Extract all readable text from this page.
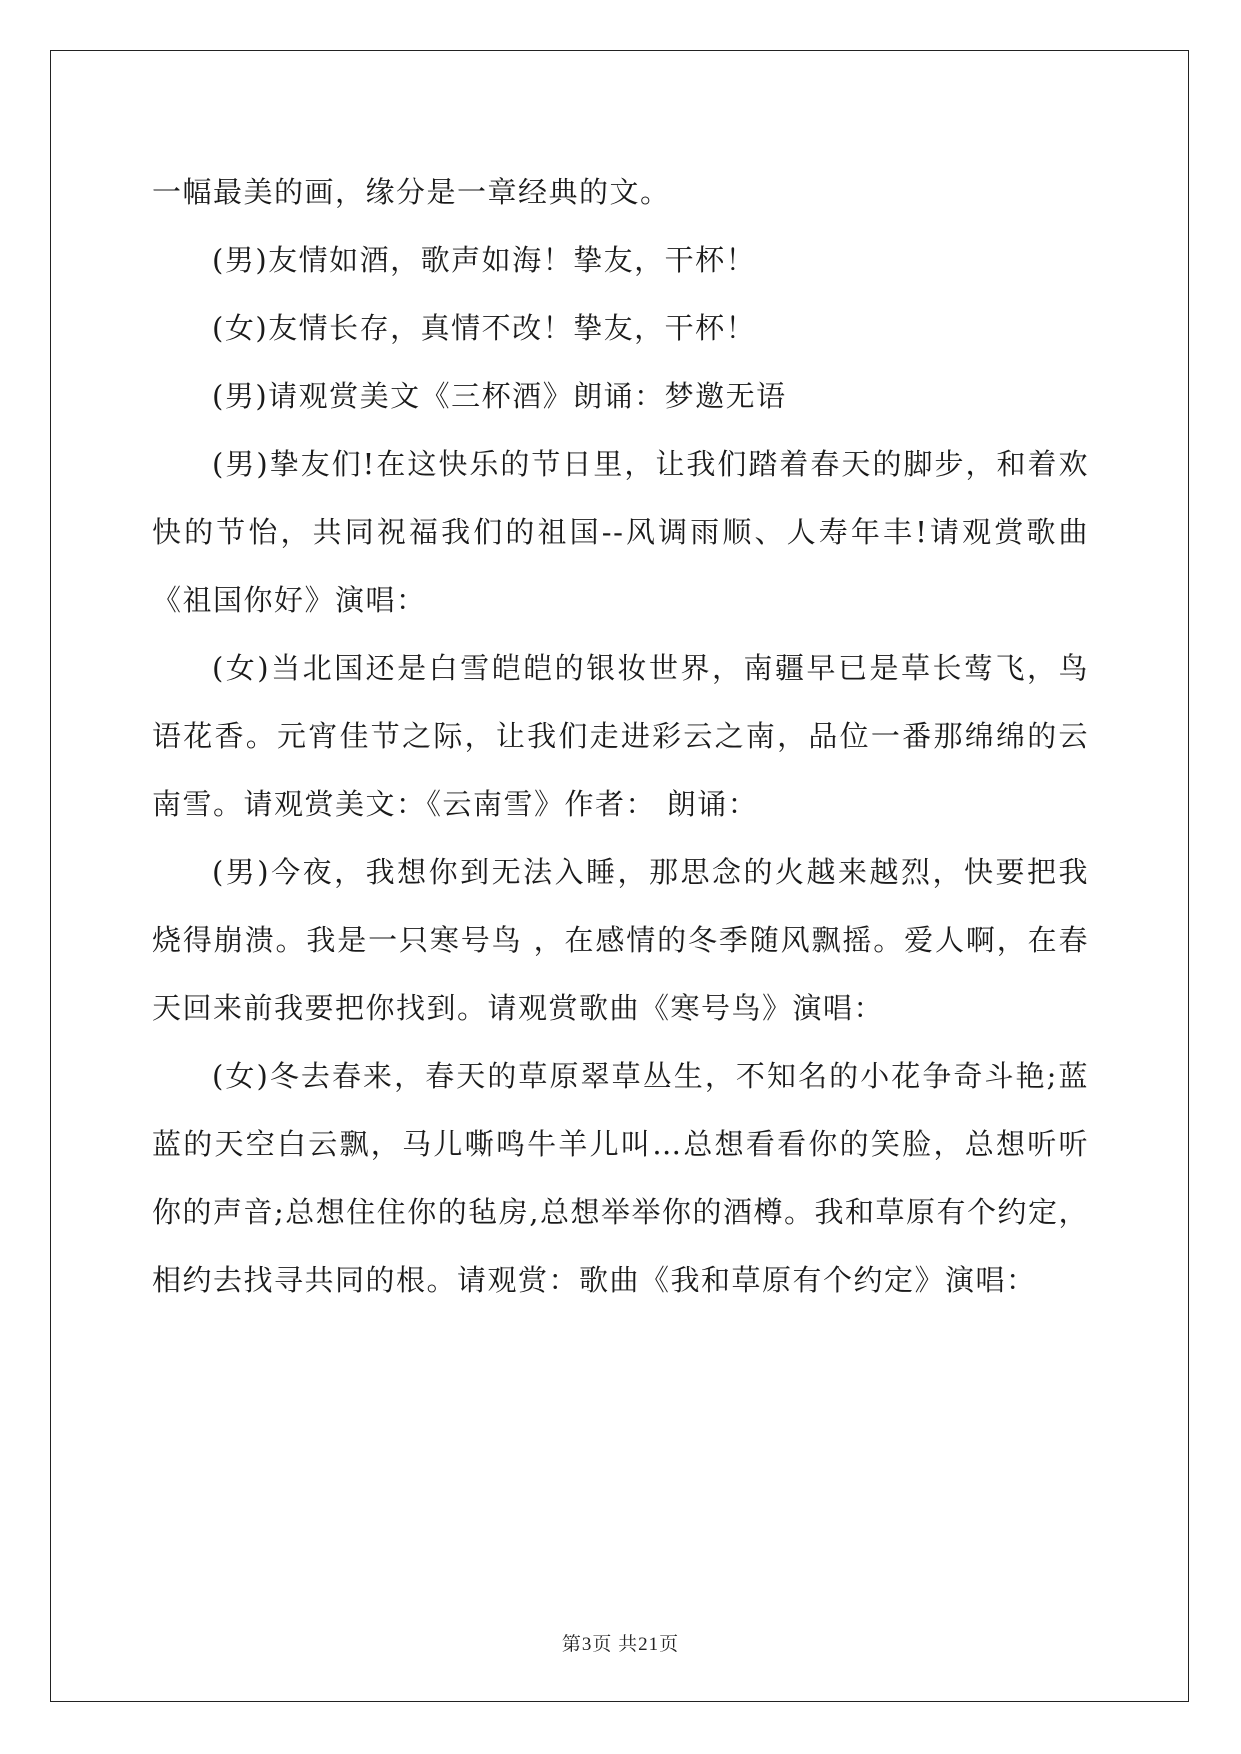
一幅最美的画，缘分是一章经典的文。

(男)友情如酒，歌声如海！挚友，干杯！

(女)友情长存，真情不改！挚友，干杯！

(男)请观赏美文《三杯酒》朗诵：梦邀无语

(男)挚友们!在这快乐的节日里，让我们踏着春天的脚步，和着欢快的节怡，共同祝福我们的祖国--风调雨顺、人寿年丰!请观赏歌曲《祖国你好》演唱：

(女)当北国还是白雪皑皑的银妆世界，南疆早已是草长莺飞，鸟语花香。元宵佳节之际，让我们走进彩云之南，品位一番那绵绵的云南雪。请观赏美文：《云南雪》作者： 朗诵：

(男)今夜，我想你到无法入睡，那思念的火越来越烈，快要把我烧得崩溃。我是一只寒号鸟 ，在感情的冬季随风飘摇。爱人啊，在春天回来前我要把你找到。请观赏歌曲《寒号鸟》演唱：

(女)冬去春来，春天的草原翠草丛生，不知名的小花争奇斗艳;蓝蓝的天空白云飘，马儿嘶鸣牛羊儿叫…总想看看你的笑脸，总想听听你的声音;总想住住你的毡房,总想举举你的酒樽。我和草原有个约定，相约去找寻共同的根。请观赏：歌曲《我和草原有个约定》演唱：

第3页 共21页
